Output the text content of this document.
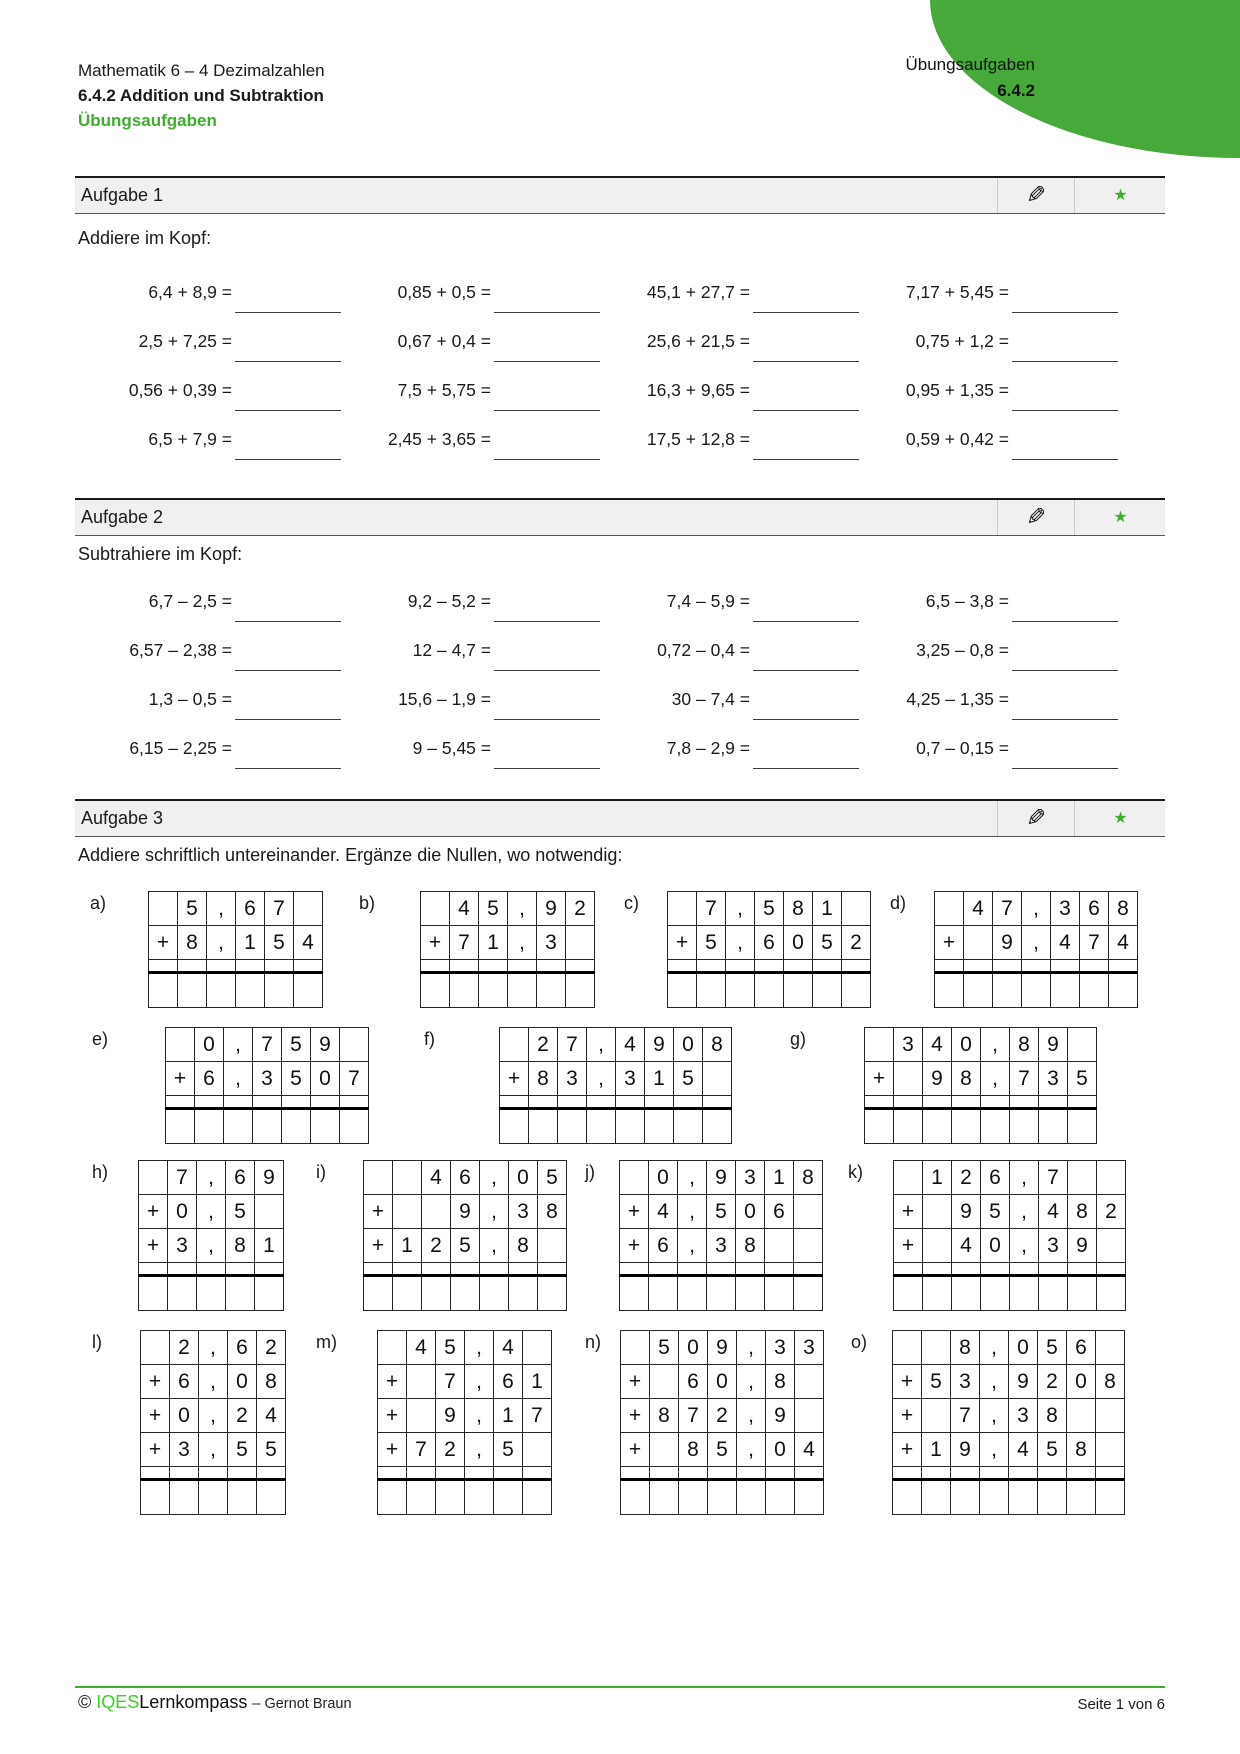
Übungsaufgaben
6.4.2
Mathematik 6 – 4 Dezimalzahlen
6.4.2 Addition und Subtraktion
Übungsaufgaben
Aufgabe 1	✎	★
Addiere im Kopf:
6,4 + 8,9 =	0,85 + 0,5 =	45,1 + 27,7 =	7,17 + 5,45 =
2,5 + 7,25 =	0,67 + 0,4 =	25,6 + 21,5 =	0,75 + 1,2 =
0,56 + 0,39 =	7,5 + 5,75 =	16,3 + 9,65 =	0,95 + 1,35 =
6,5 + 7,9 =	2,45 + 3,65 =	17,5 + 12,8 =	0,59 + 0,42 =
Aufgabe 2	✎	★
Subtrahiere im Kopf:
6,7 – 2,5 =	9,2 – 5,2 =	7,4 – 5,9 =	6,5 – 3,8 =
6,57 – 2,38 =	12 – 4,7 =	0,72 – 0,4 =	3,25 – 0,8 =
1,3 – 0,5 =	15,6 – 1,9 =	30 – 7,4 =	4,25 – 1,35 =
6,15 – 2,25 =	9 – 5,45 =	7,8 – 2,9 =	0,7 – 0,15 =
Aufgabe 3	✎	★
Addiere schriftlich untereinander. Ergänze die Nullen, wo notwendig:
a)
		5	,	6	7	
+	8	,	1	5	4

b)
		4	5	,	9	2
+	7	1	,	3	

c)
		7	,	5	8	1	
+	5	,	6	0	5	2

d)
		4	7	,	3	6	8
+		9	,	4	7	4

e)
		0	,	7	5	9	
+	6	,	3	5	0	7

f)
		2	7	,	4	9	0	8
+	8	3	,	3	1	5	

g)
		3	4	0	,	8	9	
+		9	8	,	7	3	5

h)
		7	,	6	9
+	0	,	5	
+	3	,	8	1

i)
			4	6	,	0	5
+			9	,	3	8
+	1	2	5	,	8	

j)
		0	,	9	3	1	8
+	4	,	5	0	6	
+	6	,	3	8		

k)
		1	2	6	,	7		
+		9	5	,	4	8	2
+		4	0	,	3	9	

l)
		2	,	6	2
+	6	,	0	8
+	0	,	2	4
+	3	,	5	5

m)
		4	5	,	4	
+		7	,	6	1
+		9	,	1	7
+	7	2	,	5	

n)
		5	0	9	,	3	3
+		6	0	,	8	
+	8	7	2	,	9	
+		8	5	,	0	4

o)
			8	,	0	5	6	
+	5	3	,	9	2	0	8
+		7	,	3	8		
+	1	9	,	4	5	8	

© IQESLernkompass – Gernot Braun	Seite 1 von 6
